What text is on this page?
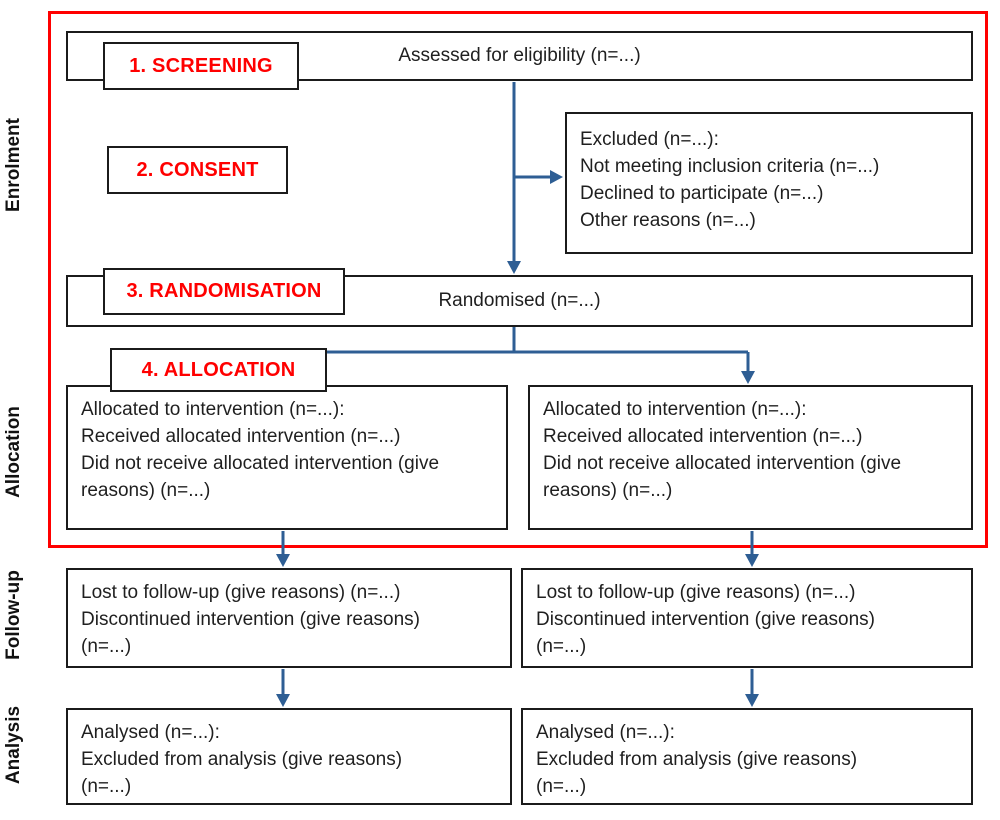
Enrolment
Allocation
Follow-up
Analysis
Assessed for eligibility (n=...)
Excluded (n=...):
Not meeting inclusion criteria (n=...)
Declined to participate (n=...)
Other reasons (n=...)
Randomised (n=...)
Allocated to intervention (n=...):
Received allocated intervention (n=...)
Did not receive allocated intervention (give
reasons) (n=...)
Allocated to intervention (n=...):
Received allocated intervention (n=...)
Did not receive allocated intervention (give
reasons) (n=...)
Lost to follow-up (give reasons) (n=...)
Discontinued intervention (give reasons)
(n=...)
Lost to follow-up (give reasons) (n=...)
Discontinued intervention (give reasons)
(n=...)
Analysed (n=...):
Excluded from analysis (give reasons)
(n=...)
Analysed (n=...):
Excluded from analysis (give reasons)
(n=...)
1. SCREENING
2. CONSENT
3. RANDOMISATION
4. ALLOCATION
